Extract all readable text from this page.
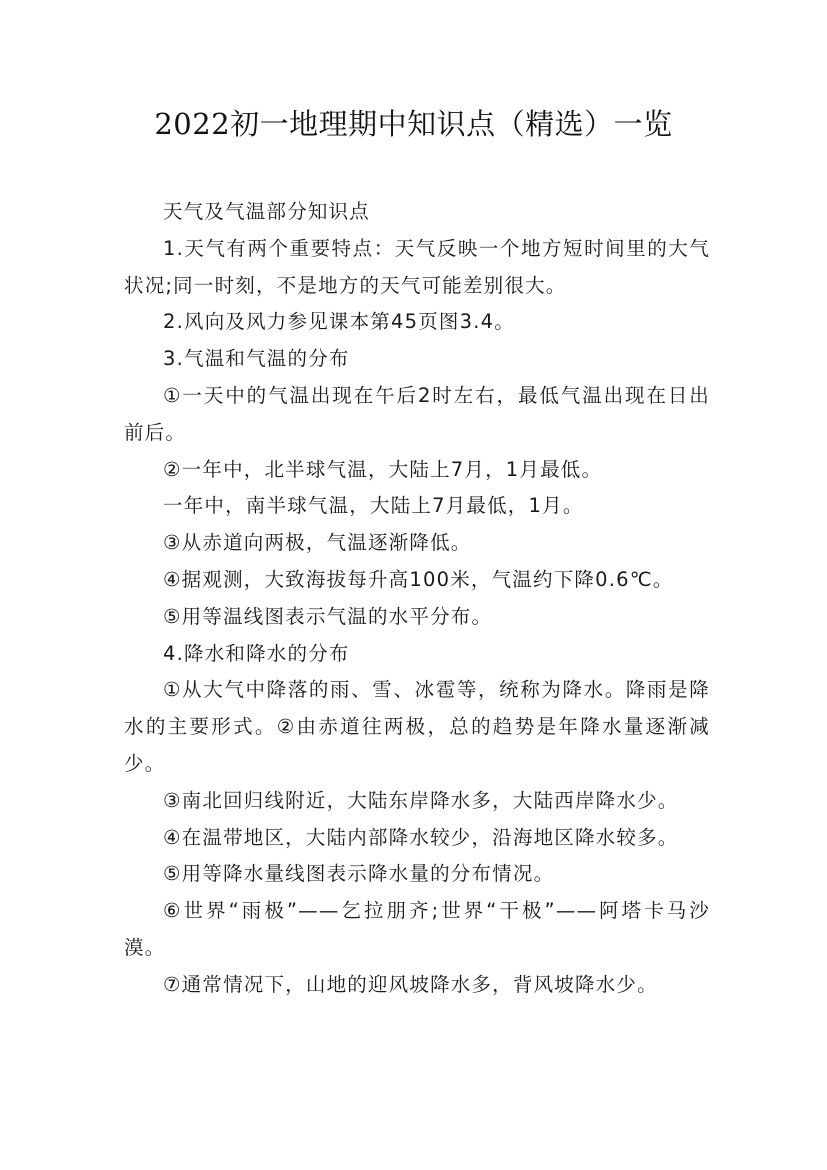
2022初一地理期中知识点（精选）一览

天气及气温部分知识点

1.天气有两个重要特点：天气反映一个地方短时间里的大气状况;同一时刻，不是地方的天气可能差别很大。

2.风向及风力参见课本第45页图3.4。

3.气温和气温的分布

①一天中的气温出现在午后2时左右，最低气温出现在日出前后。

②一年中，北半球气温，大陆上7月，1月最低。

一年中，南半球气温，大陆上7月最低，1月。

③从赤道向两极，气温逐渐降低。

④据观测，大致海拔每升高100米，气温约下降0.6℃。

⑤用等温线图表示气温的水平分布。

4.降水和降水的分布

①从大气中降落的雨、雪、冰雹等，统称为降水。降雨是降水的主要形式。②由赤道往两极，总的趋势是年降水量逐渐减少。

③南北回归线附近，大陆东岸降水多，大陆西岸降水少。

④在温带地区，大陆内部降水较少，沿海地区降水较多。

⑤用等降水量线图表示降水量的分布情况。

⑥世界“雨极”——乞拉朋齐;世界“干极”——阿塔卡马沙漠。

⑦通常情况下，山地的迎风坡降水多，背风坡降水少。
